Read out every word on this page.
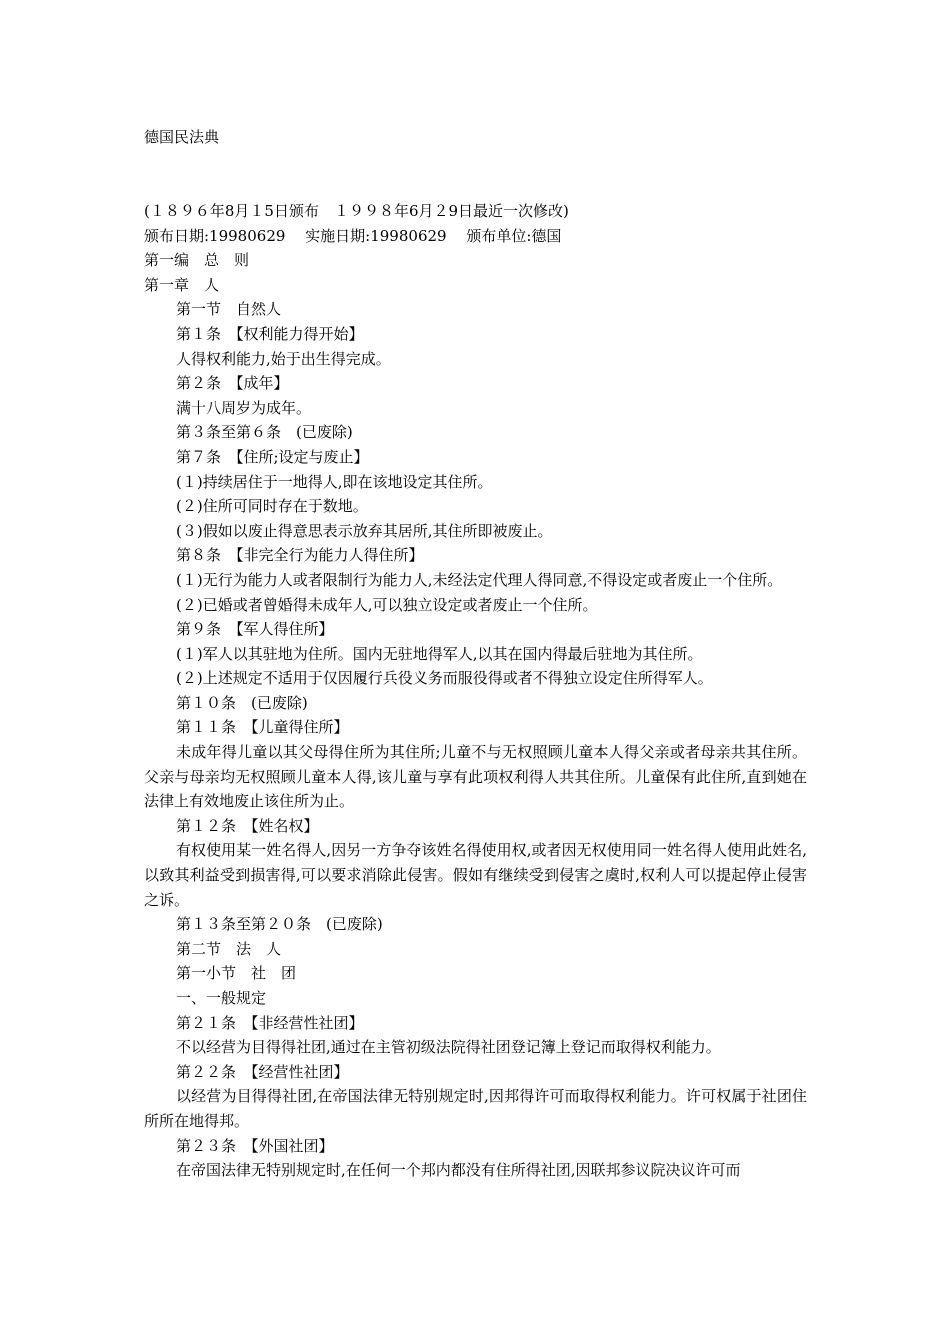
德国民法典

(１８９６年8月１5日颁布　１９９８年6月２9日最近一次修改)

颁布日期:19980629　 实施日期:19980629　 颁布单位:德国

第一编　总　则

第一章　人

第一节　自然人

第１条　【权利能力得开始】

人得权利能力,始于出生得完成。

第２条　【成年】

满十八周岁为成年。

第３条至第６条　(已废除)

第７条　【住所;设定与废止】

(１)持续居住于一地得人,即在该地设定其住所。

(２)住所可同时存在于数地。

(３)假如以废止得意思表示放弃其居所,其住所即被废止。

第８条　【非完全行为能力人得住所】

(１)无行为能力人或者限制行为能力人,未经法定代理人得同意,不得设定或者废止一个住所。

(２)已婚或者曾婚得未成年人,可以独立设定或者废止一个住所。

第９条　【军人得住所】

(１)军人以其驻地为住所。国内无驻地得军人,以其在国内得最后驻地为其住所。

(２)上述规定不适用于仅因履行兵役义务而服役得或者不得独立设定住所得军人。

第１０条　(已废除)

第１１条　【儿童得住所】

未成年得儿童以其父母得住所为其住所;儿童不与无权照顾儿童本人得父亲或者母亲共其住所。父亲与母亲均无权照顾儿童本人得,该儿童与享有此项权利得人共其住所。儿童保有此住所,直到她在法律上有效地废止该住所为止。

第１２条　【姓名权】

有权使用某一姓名得人,因另一方争夺该姓名得使用权,或者因无权使用同一姓名得人使用此姓名,以致其利益受到损害得,可以要求消除此侵害。假如有继续受到侵害之虞时,权利人可以提起停止侵害之诉。

第１３条至第２０条　(已废除)

第二节　法　人

第一小节　社　团

一、一般规定

第２１条　【非经营性社团】

不以经营为目得得社团,通过在主管初级法院得社团登记簿上登记而取得权利能力。

第２２条　【经营性社团】

以经营为目得得社团,在帝国法律无特别规定时,因邦得许可而取得权利能力。许可权属于社团住所所在地得邦。

第２３条　【外国社团】

在帝国法律无特别规定时,在任何一个邦内都没有住所得社团,因联邦参议院决议许可而
